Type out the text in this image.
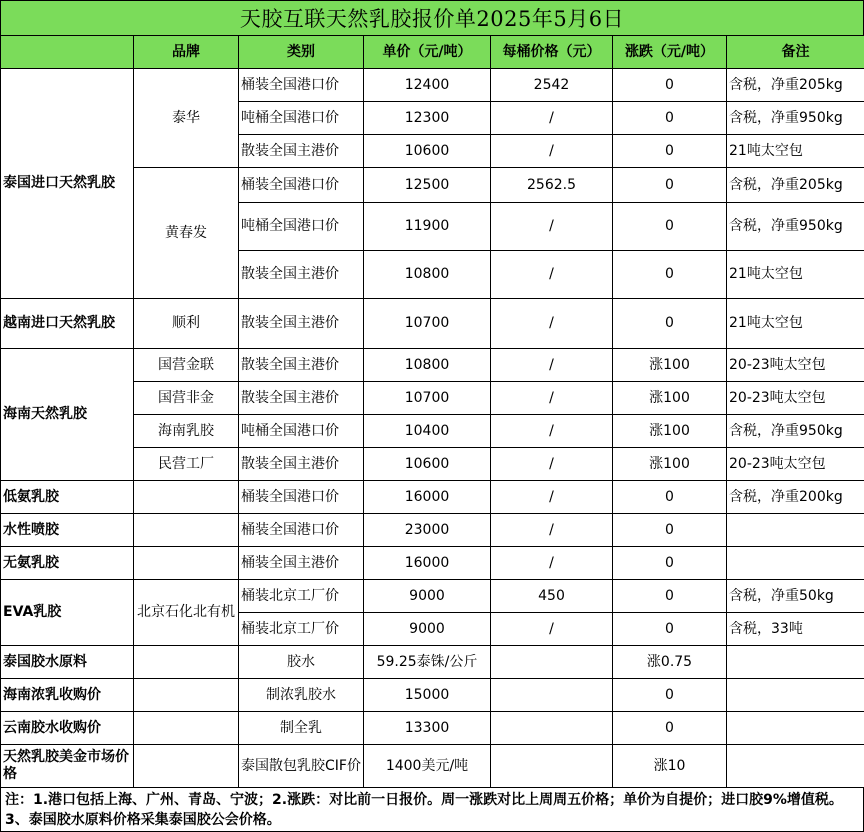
天胶互联天然乳胶报价单2025年5月6日
	品牌	类别	单价（元/吨）	每桶价格（元）	涨跌（元/吨）	备注
泰国进口天然乳胶	泰华	桶装全国港口价	12400	2542	0	含税，净重205kg
		吨桶全国港口价	12300	/	0	含税，净重950kg
		散装全国主港价	10600	/	0	21吨太空包
	黄春发	桶装全国港口价	12500	2562.5	0	含税，净重205kg
		吨桶全国港口价	11900	/	0	含税，净重950kg
		散装全国主港价	10800	/	0	21吨太空包
越南进口天然乳胶	顺利	散装全国主港价	10700	/	0	21吨太空包
海南天然乳胶	国营金联	散装全国主港价	10800	/	涨100	20-23吨太空包
	国营非金	散装全国主港价	10700	/	涨100	20-23吨太空包
	海南乳胶	吨桶全国港口价	10400	/	涨100	含税，净重950kg
	民营工厂	散装全国主港价	10600	/	涨100	20-23吨太空包
低氨乳胶		桶装全国港口价	16000	/	0	含税，净重200kg
水性喷胶		桶装全国港口价	23000	/	0	
无氨乳胶		桶装全国主港价	16000	/	0	
EVA乳胶	北京石化北有机	桶装北京工厂价	9000	450	0	含税，净重50kg
		桶装北京工厂价	9000	/	0	含税，33吨
泰国胶水原料		胶水	59.25泰铢/公斤		涨0.75	
海南浓乳收购价		制浓乳胶水	15000		0	
云南胶水收购价		制全乳	13300		0	
天然乳胶美金市场价格		泰国散包乳胶CIF价	1400美元/吨		涨10	
注：1.港口包括上海、广州、青岛、宁波；2.涨跌：对比前一日报价。周一涨跌对比上周周五价格；单价为自提价；进口胶9%增值税。3、泰国胶水原料价格采集泰国胶公会价格。
